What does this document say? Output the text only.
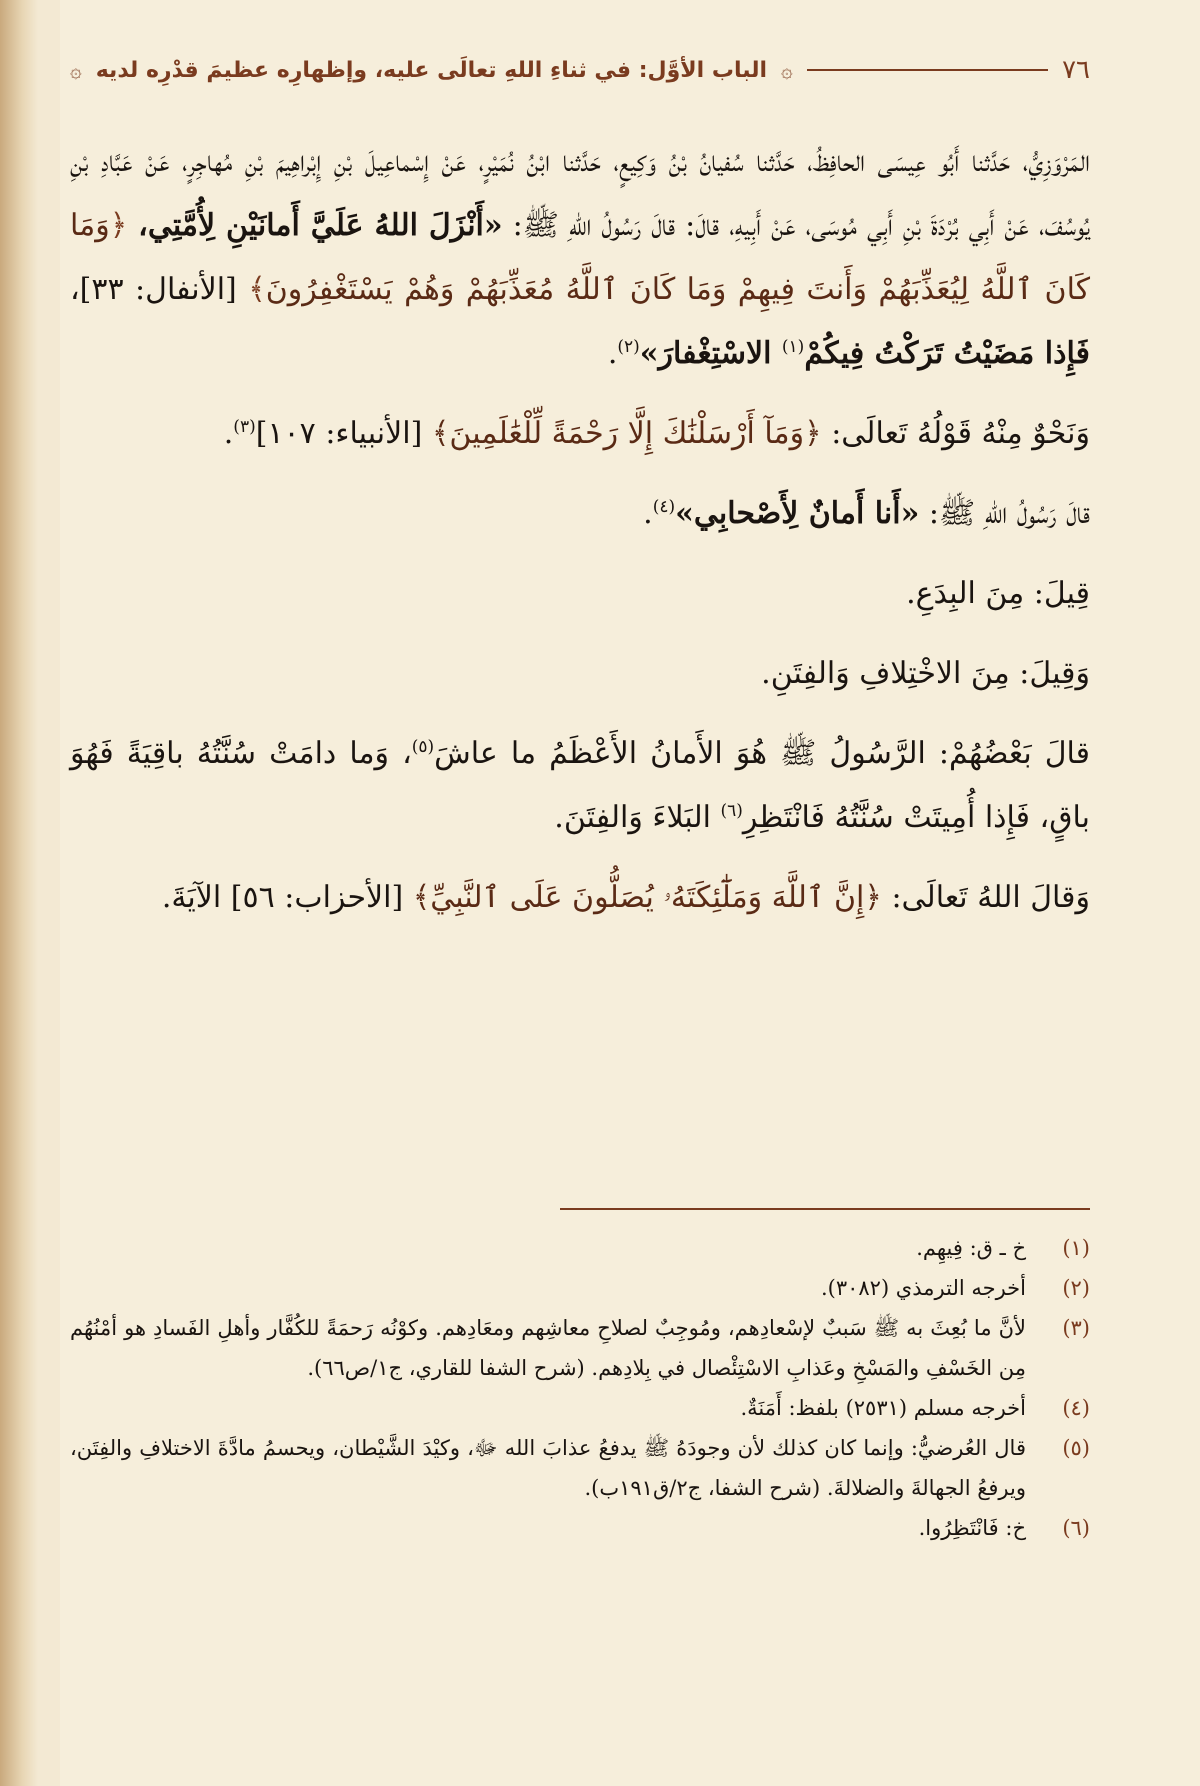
٧٦
۞
الباب الأوَّل: في ثناءِ اللهِ تعالَى عليه، وإظهارِه عظيمَ قدْرِه لديه
۞

المَرْوَزِيُّ، حَدَّثنا أَبُو عِيسَى الحافِظُ، حَدَّثنا سُفيانُ بْنُ وَكِيعٍ، حَدَّثنا ابْنُ نُمَيْرٍ، عَنْ إِسْماعِيلَ بْنِ إِبْراهِيمَ بْنِ مُهاجِرٍ، عَنْ عَبَّادِ بْنِ يُوسُفَ، عَنْ أَبِي بُرْدَةَ بْنِ أَبِي مُوسَى، عَنْ أَبِيهِ، قالَ: قالَ رَسُولُ اللهِ ﷺ: «أَنْزَلَ اللهُ عَلَيَّ أَمانَيْنِ لِأُمَّتِي، ﴿وَمَا كَانَ ٱللَّهُ لِيُعَذِّبَهُمْ وَأَنتَ فِيهِمْ وَمَا كَانَ ٱللَّهُ مُعَذِّبَهُمْ وَهُمْ يَسْتَغْفِرُونَ﴾ [الأنفال: ٣٣]، فَإِذا مَضَيْتُ تَرَكْتُ فِيكُمْ$^{(١)}$ الاسْتِغْفارَ»$^{(٢)}$.

وَنَحْوٌ مِنْهُ قَوْلُهُ تَعالَى: ﴿وَمَآ أَرْسَلْنَٰكَ إِلَّا رَحْمَةً لِّلْعَٰلَمِينَ﴾ [الأنبياء: ١٠٧]$^{(٣)}$.

قالَ رَسُولُ اللهِ ﷺ: «أَنا أَمانٌ لِأَصْحابِي»$^{(٤)}$.

قِيلَ: مِنَ البِدَعِ.

وَقِيلَ: مِنَ الاخْتِلافِ وَالفِتَنِ.

قالَ بَعْضُهُمْ: الرَّسُولُ ﷺ هُوَ الأَمانُ الأَعْظَمُ ما عاشَ$^{(٥)}$، وَما دامَتْ سُنَّتُهُ باقِيَةً فَهُوَ باقٍ، فَإِذا أُمِيتَتْ سُنَّتُهُ فَانْتَظِرِ$^{(٦)}$ البَلاءَ وَالفِتَنَ.

وَقالَ اللهُ تَعالَى: ﴿إِنَّ ٱللَّهَ وَمَلَٰٓئِكَتَهُۥ يُصَلُّونَ عَلَى ٱلنَّبِيِّ﴾ [الأحزاب: ٥٦] الآيَةَ.

(١)
خ ـ ق: فِيهِم.

(٢)
أخرجه الترمذي (٣٠٨٢).

(٣)
لأنَّ ما بُعِثَ به ﷺ سَببٌ لإسْعادِهم، ومُوجِبٌ لصلاحِ معاشِهم ومعَادِهم. وكوْنُه رَحمَةً للكُفَّار وأهلِ الفَسادِ هو أمْنُهُم مِن الخَسْفِ والمَسْخِ وعَذابِ الاسْتِئْصال في بِلادِهم. (شرح الشفا للقاري، ج١/ص٦٦).

(٤)
أخرجه مسلم (٢٥٣١) بلفظ: أَمَنَةٌ.

(٥)
قال العُرضيُّ: وإنما كان كذلك لأن وجودَهُ ﷺ يدفعُ عذابَ الله ﷻ، وكيْدَ الشَّيْطان، ويحسمُ مادَّةَ الاختلافِ والفِتَن، ويرفعُ الجهالةَ والضلالةَ. (شرح الشفا، ج٢/ق١٩١ب).

(٦)
خ: فَانْتَظِرُوا.
